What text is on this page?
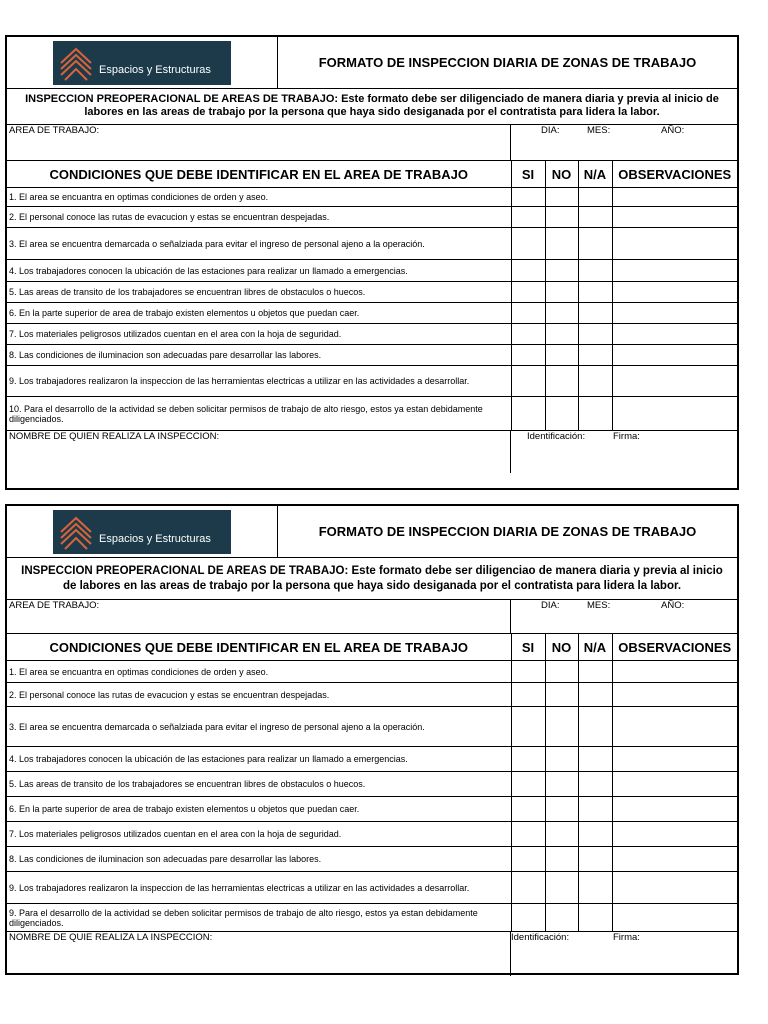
Espacios y Estructuras	FORMATO DE INSPECCION DIARIA DE ZONAS DE TRABAJO
INSPECCION PREOPERACIONAL DE AREAS DE TRABAJO: Este formato debe ser diligenciado de manera diaria y previa al inicio de labores en las areas de trabajo por la persona que haya sido desiganada por el contratista para lidera la labor.
AREA DE TRABAJO:	DIA:	MES:	AÑO:
CONDICIONES QUE DEBE IDENTIFICAR EN EL AREA DE TRABAJO	SI	NO	N/A	OBSERVACIONES
1. El area se encuantra en optimas condiciones de orden y aseo.				
2. El personal conoce las rutas de evacucion y estas se encuentran despejadas.				
3. El area se encuentra demarcada o señalziada para evitar el ingreso de personal ajeno a la operación.				
4. Los trabajadores conocen la ubicación de las estaciones para realizar un llamado a emergencias.				
5. Las areas de transito de los trabajadores se encuentran libres de obstaculos o huecos.				
6. En la parte superior de area de trabajo existen elementos u objetos que puedan caer.				
7. Los materiales peligrosos utilizados cuentan en el area con la hoja de seguridad.				
8. Las condiciones de iluminacion son adecuadas pare desarrollar las labores.				
9. Los trabajadores realizaron la inspeccion de las herramientas electricas a utilizar en las actividades a desarrollar.				
10. Para el desarrollo de la actividad se deben solicitar permisos de trabajo de alto riesgo, estos ya estan debidamente diligenciados.				
NOMBRE DE QUIEN REALIZA LA INSPECCION:	Identificación:	Firma:
Espacios y Estructuras	FORMATO DE INSPECCION DIARIA DE ZONAS DE TRABAJO
INSPECCION PREOPERACIONAL DE AREAS DE TRABAJO: Este formato debe ser diligenciao de manera diaria y previa al inicio de labores en las areas de trabajo por la persona que haya sido desiganada por el contratista para lidera la labor.
AREA DE TRABAJO:	DIA:	MES:	AÑO:
CONDICIONES QUE DEBE IDENTIFICAR EN EL AREA DE TRABAJO	SI	NO	N/A	OBSERVACIONES
1. El area se encuantra en optimas condiciones de orden y aseo.				
2. El personal conoce las rutas de evacucion y estas se encuentran despejadas.				
3. El area se encuentra demarcada o señalziada para evitar el ingreso de personal ajeno a la operación.				
4. Los trabajadores conocen la ubicación de las estaciones para realizar un llamado a emergencias.				
5. Las areas de transito de los trabajadores se encuentran libres de obstaculos o huecos.				
6. En la parte superior de area de trabajo existen elementos u objetos que puedan caer.				
7. Los materiales peligrosos utilizados cuentan en el area con la hoja de seguridad.				
8. Las condiciones de iluminacion son adecuadas pare desarrollar las labores.				
9. Los trabajadores realizaron la inspeccion de las herramientas electricas a utilizar en las actividades a desarrollar.				
9. Para el desarrollo de la actividad se deben solicitar permisos de trabajo de alto riesgo, estos ya estan debidamente diligenciados.				
NOMBRE DE QUIE REALIZA LA INSPECCION:	Identificación:	Firma:
